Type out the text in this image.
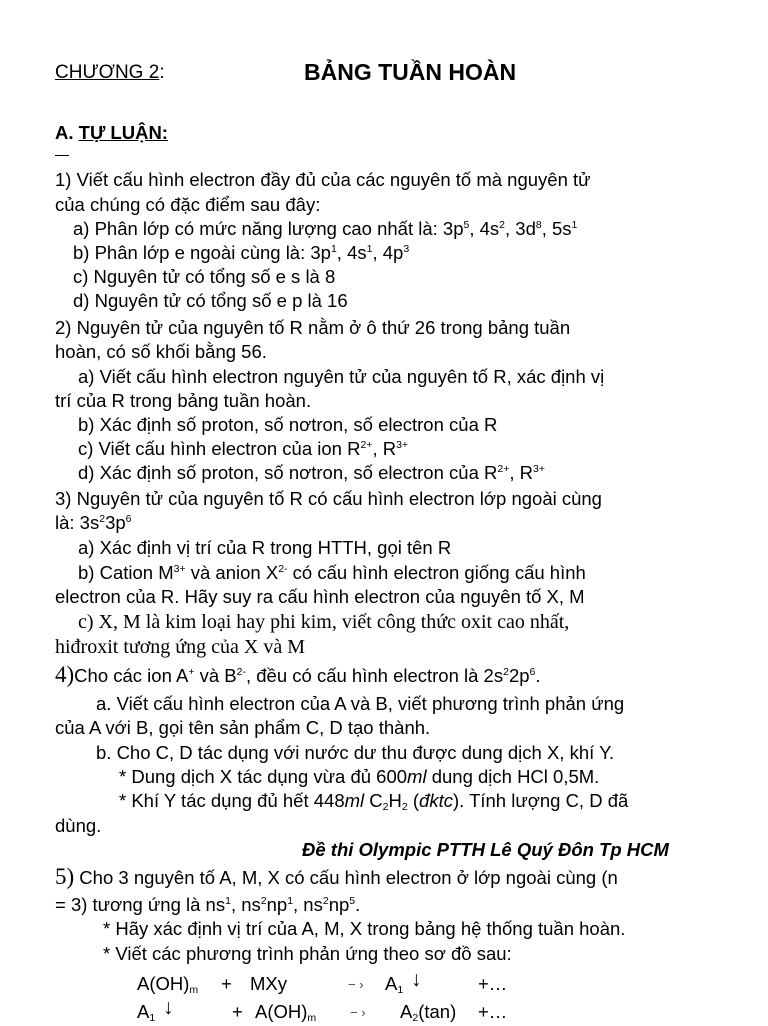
CHƯƠNG 2:	BẢNG TUẦN HOÀN
A. TỰ LUẬN:
1) Viết cấu hình electron đầy đủ của các nguyên tố mà nguyên tử
của chúng có đặc điểm sau đây:
a) Phân lớp có mức năng lượng cao nhất là: $3p^5$, $4s^2$, $3d^8$, $5s^1$
b) Phân lớp e ngoài cùng là: $3p^1$, $4s^1$, $4p^3$
c) Nguyên tử có tổng số e s là 8
d) Nguyên tử có tổng số e p là 16
2) Nguyên tử của nguyên tố R nằm ở ô thứ 26 trong bảng tuần
hoàn, có số khối bằng 56.
a) Viết cấu hình electron nguyên tử của nguyên tố R, xác định vị
trí của R trong bảng tuần hoàn.
b) Xác định số proton, số nơtron, số electron của R
c) Viết cấu hình electron của ion $R^{2+}$, $R^{3+}$
d) Xác định số proton, số nơtron, số electron của $R^{2+}$, $R^{3+}$
3) Nguyên tử của nguyên tố R có cấu hình electron lớp ngoài cùng
là: $3s^23p^6$
a) Xác định vị trí của R trong HTTH, gọi tên R
b) Cation $M^{3+}$ và anion $X^{2-}$ có cấu hình electron giống cấu hình
electron của R. Hãy suy ra cấu hình electron của nguyên tố X, M
c) X, M là kim loại hay phi kim, viết công thức oxit cao nhất,
hiđroxit tương ứng của X và M
4)Cho các ion A+ và $B^{2-}$, đều có cấu hình electron là $2s^22p^6$.
a. Viết cấu hình electron của A và B, viết phương trình phản ứng
của A với B, gọi tên sản phẩm C, D tạo thành.
b. Cho C, D tác dụng với nước dư thu được dung dịch X, khí Y.
* Dung dịch X tác dụng vừa đủ 600ml dung dịch HCl 0,5M.
* Khí Y tác dụng đủ hết 448ml $C_2H_2$ (đktc). Tính lượng C, D đã
dùng.
Đề thi Olympic PTTH Lê Quý Đôn Tp HCM
5) Cho 3 nguyên tố A, M, X có cấu hình electron ở lớp ngoài cùng (n
= 3) tương ứng là $ns^1$, $ns^2np^1$, $ns^2np^5$.
* Hãy xác định vị trí của A, M, X trong bảng hệ thống tuần hoàn.
* Viết các phương trình phản ứng theo sơ đồ sau:
$A(OH)_m$ + MXy	− › $A_1$ ↓	+…
$A_1$ ↓	+ $A(OH)_m$	− › $A_2(\tan)$ +…
